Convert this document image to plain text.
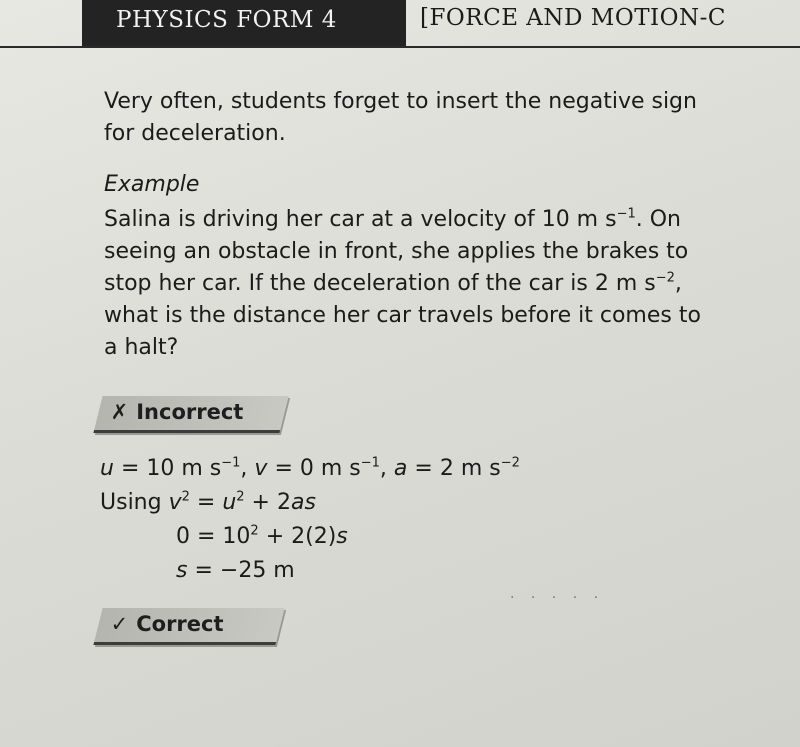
PHYSICS FORM 4	[FORCE AND MOTION-C
Very often, students forget to insert the negative sign
for deceleration.
Example
Salina is driving her car at a velocity of 10 m $s^{-1}$. On
seeing an obstacle in front, she applies the brakes to
stop her car. If the deceleration of the car is 2 m $s^{-2}$,
what is the distance her car travels before it comes to
a halt?
✗ Incorrect
u = 10 m $s^{-1}$, v = 0 m $s^{-1}$, a = 2 m $s^{-2}$
Using $v^2 = u^2 + 2as$
$0 = 10^2 + 2(2)s$
s = −25 m
· · · · ·
✓ Correct
